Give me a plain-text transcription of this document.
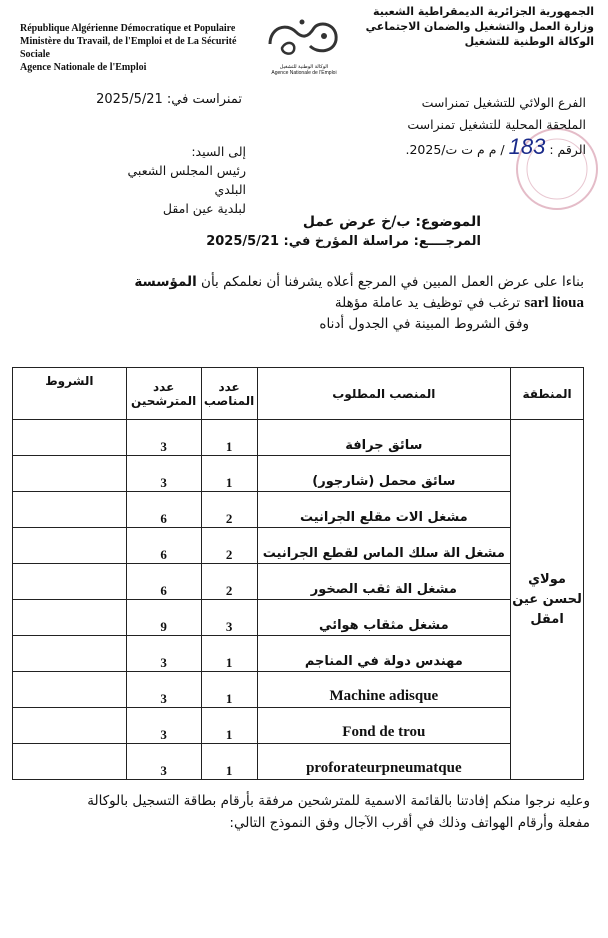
République Algérienne Démocratique et Populaire
Ministère du Travail, de l'Emploi et de La Sécurité Sociale
Agence Nationale de l'Emploi	الوكالة الوطنية للتشغيل
Agence Nationale de l'Emploi
الجمهورية الجزائرية الديمقراطية الشعبية
وزارة العمل والتشغيل والضمان الاجتماعي
الوكالة الوطنية للتشغيل
الفرع الولائي للتشغيل تمنراست
الملحقة المحلية للتشغيل تمنراست
الرقم : 183 / م م ت ت/2025.
تمنراست في: 2025/5/21
إلى السيد:
رئيس المجلس الشعبي البلدي
لبلدية عين امقل
الموضوع: ب/خ عرض عمل
المرجــــع: مراسلة المؤرخ في: 2025/5/21
بناءا على عرض العمل المبين في المرجع أعلاه يشرفنا أن نعلمكم بأن المؤسسة
sarl lioua ترغب في توظيف يد عاملة مؤهلة
وفق الشروط المبينة في الجدول أدناه
الشروط	عدد المترشحين	عدد المناصب	المنصب المطلوب	المنطقة
	3	1	سائق جرافة	مولاي لحسن عين امقل
	3	1	سائق محمل (شارجور)	
	6	2	مشغل الات مقلع الجرانيت	
	6	2	مشغل الة سلك الماس لقطع الجرانيت	
	6	2	مشغل الة ثقب الصخور	
	9	3	مشغل مثقاب هوائي	
	3	1	مهندس دولة في المناجم	
	3	1	Machine adisque	
	3	1	Fond de trou	
	3	1	proforateurpneumatque	
وعليه نرجوا منكم إفادتنا بالقائمة الاسمية للمترشحين مرفقة بأرقام بطاقة التسجيل بالوكالة
مفعلة وأرقام الهواتف وذلك في أقرب الآجال وفق النموذج التالي:
